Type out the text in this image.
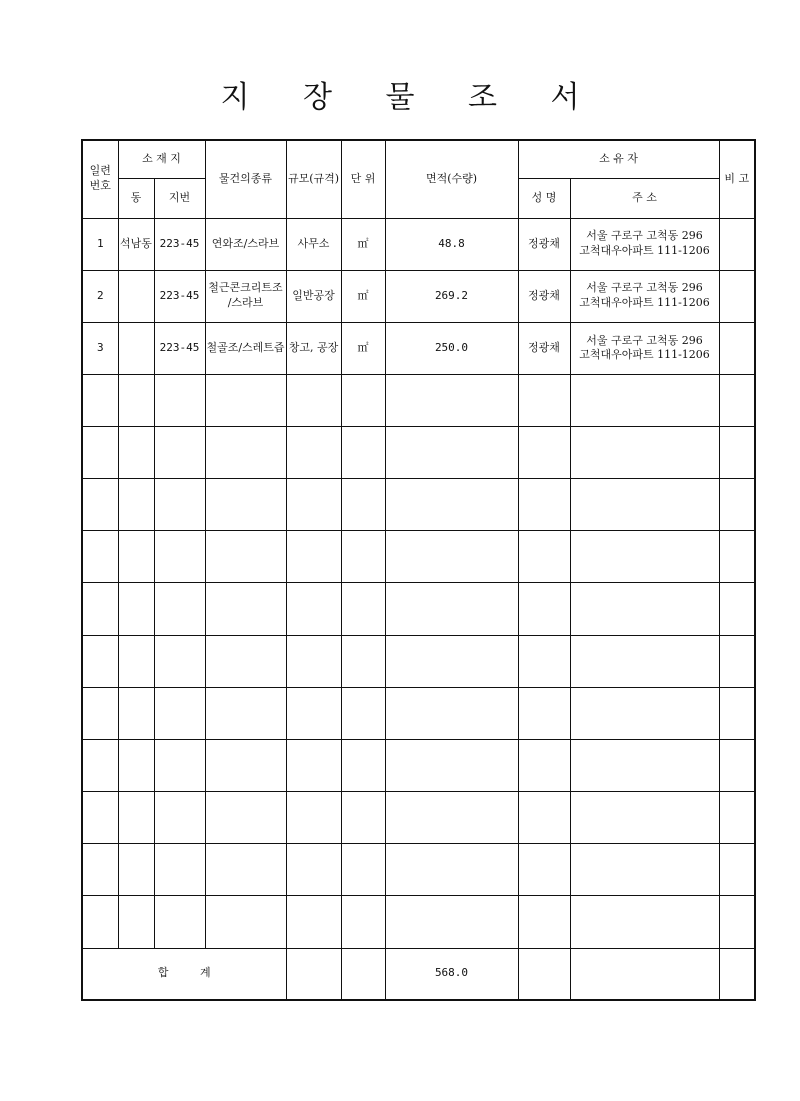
지 장 물 조 서
일련
번호	소 재 지		물건의종류	규모(규격)	단 위	면적(수량)	소 유 자		비 고
	동	지번					성 명	주 소	
1	석남동	223-45	연와조/스라브	사무소	㎡	48.8	정광채	서울 구로구 고척동 296
고척대우아파트 111-1206	
2		223-45	철근콘크리트조
/스라브	일반공장	㎡	269.2	정광채	서울 구로구 고척동 296
고척대우아파트 111-1206	
3		223-45	철골조/스레트즙	창고, 공장	㎡	250.0	정광채	서울 구로구 고척동 296
고척대우아파트 111-1206	

합 계						568.0			
